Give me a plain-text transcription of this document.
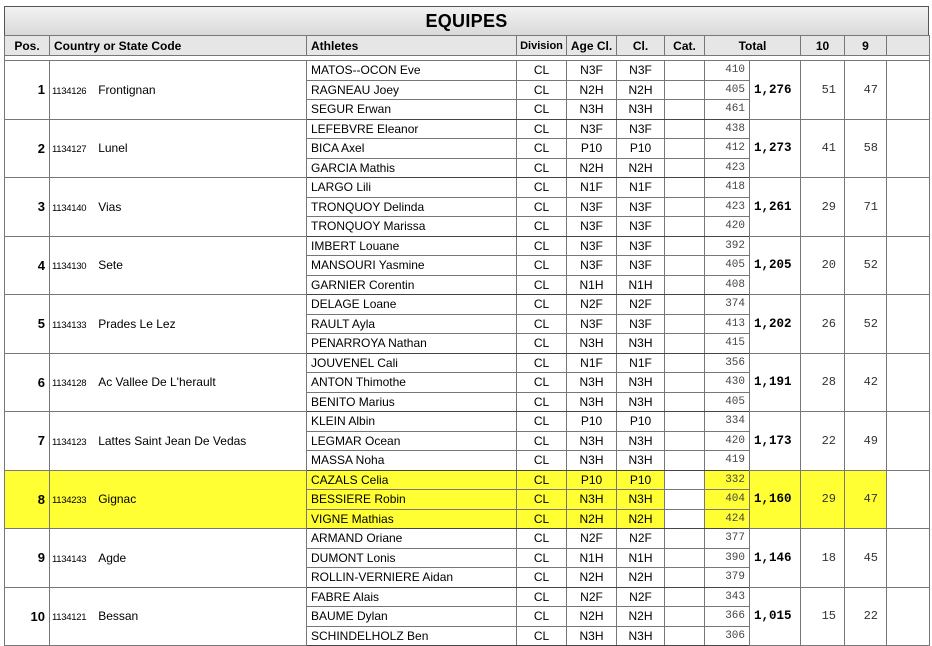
EQUIPES
Pos.	Country or State Code	Athletes	Division	Age Cl.	Cl.	Cat.	Total		10	9	

1	1134126 Frontignan	MATOS--OCON Eve	CL	N3F	N3F		410	1,276	51	47	
		RAGNEAU Joey	CL	N2H	N2H		405				
		SEGUR Erwan	CL	N3H	N3H		461				
2	1134127 Lunel	LEFEBVRE Eleanor	CL	N3F	N3F		438	1,273	41	58	
		BICA Axel	CL	P10	P10		412				
		GARCIA Mathis	CL	N2H	N2H		423				
3	1134140 Vias	LARGO Lili	CL	N1F	N1F		418	1,261	29	71	
		TRONQUOY Delinda	CL	N3F	N3F		423				
		TRONQUOY Marissa	CL	N3F	N3F		420				
4	1134130 Sete	IMBERT Louane	CL	N3F	N3F		392	1,205	20	52	
		MANSOURI Yasmine	CL	N3F	N3F		405				
		GARNIER Corentin	CL	N1H	N1H		408				
5	1134133 Prades Le Lez	DELAGE Loane	CL	N2F	N2F		374	1,202	26	52	
		RAULT Ayla	CL	N3F	N3F		413				
		PENARROYA Nathan	CL	N3H	N3H		415				
6	1134128 Ac Vallee De L'herault	JOUVENEL Cali	CL	N1F	N1F		356	1,191	28	42	
		ANTON Thimothe	CL	N3H	N3H		430				
		BENITO Marius	CL	N3H	N3H		405				
7	1134123 Lattes Saint Jean De Vedas	KLEIN Albin	CL	P10	P10		334	1,173	22	49	
		LEGMAR Ocean	CL	N3H	N3H		420				
		MASSA Noha	CL	N3H	N3H		419				
8	1134233 Gignac	CAZALS Celia	CL	P10	P10		332	1,160	29	47	
		BESSIERE Robin	CL	N3H	N3H		404				
		VIGNE Mathias	CL	N2H	N2H		424				
9	1134143 Agde	ARMAND Oriane	CL	N2F	N2F		377	1,146	18	45	
		DUMONT Lonis	CL	N1H	N1H		390				
		ROLLIN-VERNIERE Aidan	CL	N2H	N2H		379				
10	1134121 Bessan	FABRE Alais	CL	N2F	N2F		343	1,015	15	22	
		BAUME Dylan	CL	N2H	N2H		366				
		SCHINDELHOLZ Ben	CL	N3H	N3H		306				
